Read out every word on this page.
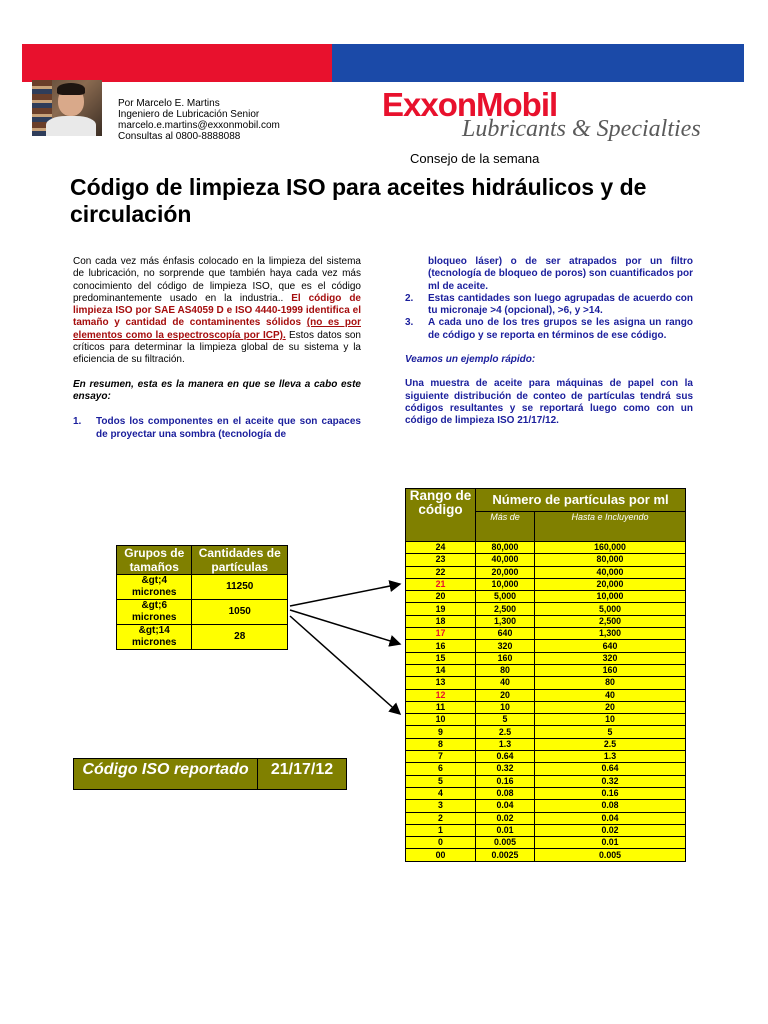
Por Marcelo E. Martins
Ingeniero de Lubricación Senior
marcelo.e.martins@exxonmobil.com
Consultas al 0800-8888088
ExxonMobil
Lubricants & Specialties
Consejo de la semana
Código de limpieza ISO para aceites hidráulicos y de circulación

Con cada vez más énfasis colocado en la limpieza del sistema de lubricación, no sorprende que también haya cada vez más conocimiento del código de limpieza ISO, que es el código predominantemente usado en la industria.. El código de limpieza ISO por SAE AS4059 D e ISO 4440-1999 identifica el tamaño y cantidad de contaminentes sólidos (no es por elementos como la espectroscopía por ICP). Estos datos son críticos para determinar la limpieza global de su sistema y la eficiencia de su filtración.

En resumen, esta es la manera en que se lleva a cabo este ensayo:

1.	Todos los componentes en el aceite que son capaces de proyectar una sombra (tecnología de
bloqueo láser) o de ser atrapados por un filtro (tecnología de bloqueo de poros) son cuantificados por ml de aceite.
2.	Estas cantidades son luego agrupadas de acuerdo con tu micronaje >4 (opcional), >6, y >14.
3.	A cada uno de los tres grupos se les asigna un rango de código y se reporta en términos de ese código.

Veamos un ejemplo rápido:

Una muestra de aceite para máquinas de papel con la siguiente distribución de conteo de partículas tendrá sus códigos resultantes y se reportará luego como con un código de limpieza ISO 21/17/12.

Grupos de tamaños	Cantidades de partículas
&gt;4 micrones	11250
&gt;6 micrones	1050
&gt;14 micrones	28
Código ISO reportado	21/17/12
Rango de código	Número de partículas por ml	
	Más de	Hasta e Incluyendo
24	80,000	160,000
23	40,000	80,000
22	20,000	40,000
21	10,000	20,000
20	5,000	10,000
19	2,500	5,000
18	1,300	2,500
17	640	1,300
16	320	640
15	160	320
14	80	160
13	40	80
12	20	40
11	10	20
10	5	10
9	2.5	5
8	1.3	2.5
7	0.64	1.3
6	0.32	0.64
5	0.16	0.32
4	0.08	0.16
3	0.04	0.08
2	0.02	0.04
1	0.01	0.02
0	0.005	0.01
00	0.0025	0.005
